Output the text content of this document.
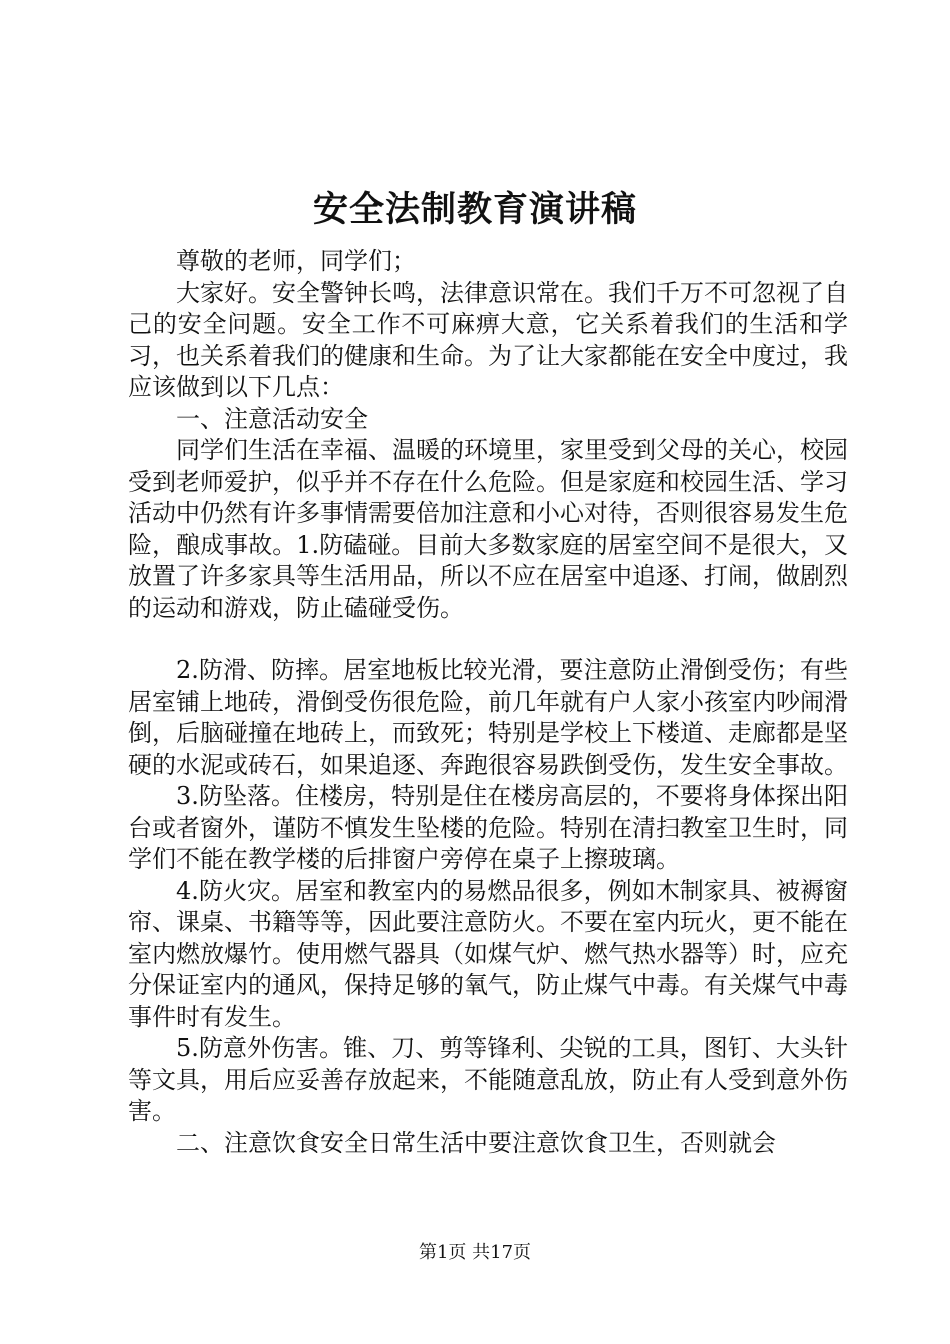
安全法制教育演讲稿

尊敬的老师，同学们；

大家好。安全警钟长鸣，法律意识常在。我们千万不可忽视了自己的安全问题。安全工作不可麻痹大意，它关系着我们的生活和学习，也关系着我们的健康和生命。为了让大家都能在安全中度过，我应该做到以下几点：

一、注意活动安全

同学们生活在幸福、温暖的环境里，家里受到父母的关心，校园受到老师爱护，似乎并不存在什么危险。但是家庭和校园生活、学习活动中仍然有许多事情需要倍加注意和小心对待，否则很容易发生危险，酿成事故。1.防磕碰。目前大多数家庭的居室空间不是很大，又放置了许多家具等生活用品，所以不应在居室中追逐、打闹，做剧烈的运动和游戏，防止磕碰受伤。

2.防滑、防摔。居室地板比较光滑，要注意防止滑倒受伤；有些居室铺上地砖，滑倒受伤很危险，前几年就有户人家小孩室内吵闹滑倒，后脑碰撞在地砖上，而致死；特别是学校上下楼道、走廊都是坚硬的水泥或砖石，如果追逐、奔跑很容易跌倒受伤，发生安全事故。

3.防坠落。住楼房，特别是住在楼房高层的，不要将身体探出阳台或者窗外，谨防不慎发生坠楼的危险。特别在清扫教室卫生时，同学们不能在教学楼的后排窗户旁停在桌子上擦玻璃。

4.防火灾。居室和教室内的易燃品很多，例如木制家具、被褥窗帘、课桌、书籍等等，因此要注意防火。不要在室内玩火，更不能在室内燃放爆竹。使用燃气器具（如煤气炉、燃气热水器等）时，应充分保证室内的通风，保持足够的氧气，防止煤气中毒。有关煤气中毒事件时有发生。

5.防意外伤害。锥、刀、剪等锋利、尖锐的工具，图钉、大头针等文具，用后应妥善存放起来，不能随意乱放，防止有人受到意外伤害。

二、注意饮食安全日常生活中要注意饮食卫生，否则就会

第1页 共17页
